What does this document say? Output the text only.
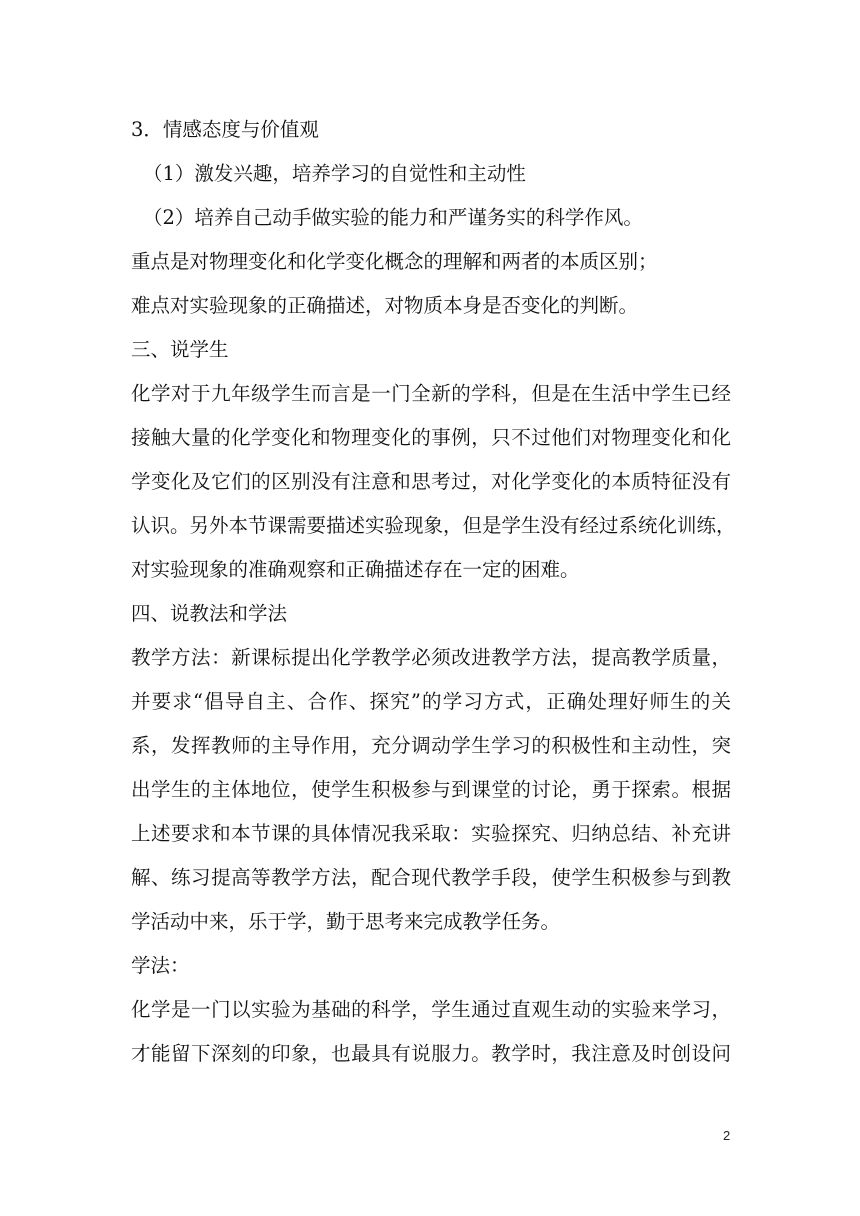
3．情感态度与价值观

（1）激发兴趣，培养学习的自觉性和主动性

（2）培养自己动手做实验的能力和严谨务实的科学作风。

重点是对物理变化和化学变化概念的理解和两者的本质区别；

难点对实验现象的正确描述，对物质本身是否变化的判断。

三、说学生

化学对于九年级学生而言是一门全新的学科，但是在生活中学生已经

接触大量的化学变化和物理变化的事例，只不过他们对物理变化和化

学变化及它们的区别没有注意和思考过，对化学变化的本质特征没有

认识。另外本节课需要描述实验现象，但是学生没有经过系统化训练，

对实验现象的准确观察和正确描述存在一定的困难。

四、说教法和学法

教学方法：新课标提出化学教学必须改进教学方法，提高教学质量，

并要求“倡导自主、合作、探究”的学习方式，正确处理好师生的关

系，发挥教师的主导作用，充分调动学生学习的积极性和主动性，突

出学生的主体地位，使学生积极参与到课堂的讨论，勇于探索。根据

上述要求和本节课的具体情况我采取：实验探究、归纳总结、补充讲

解、练习提高等教学方法，配合现代教学手段，使学生积极参与到教

学活动中来，乐于学，勤于思考来完成教学任务。

学法：

化学是一门以实验为基础的科学，学生通过直观生动的实验来学习，

才能留下深刻的印象，也最具有说服力。教学时，我注意及时创设问

2
